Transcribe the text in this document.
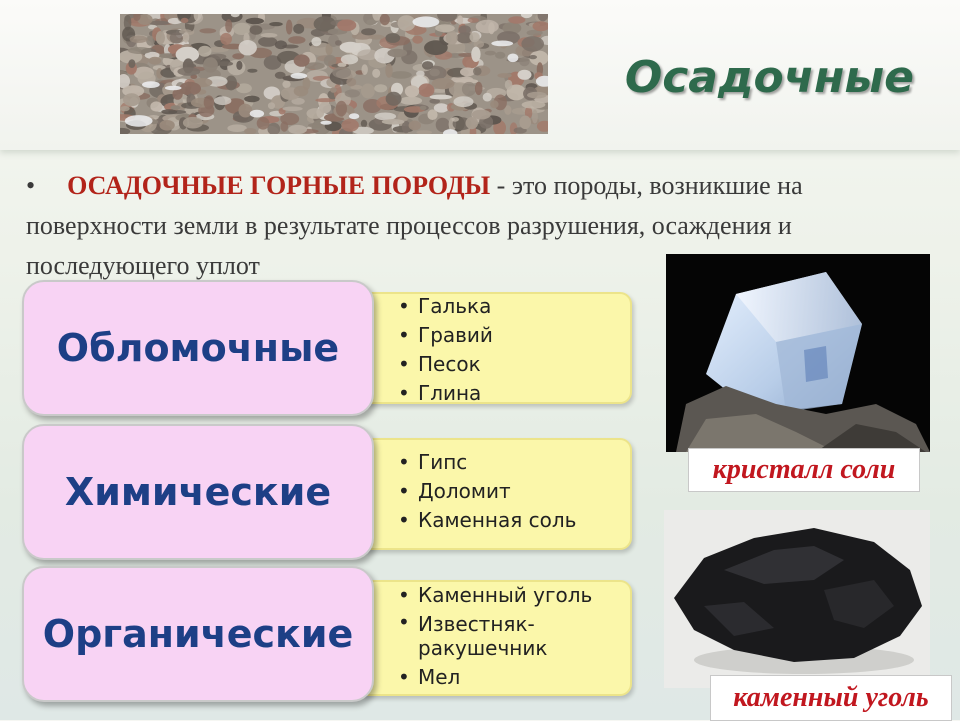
Осадочные
• ОСАДОЧНЫЕ ГОРНЫЕ ПОРОДЫ - это породы, возникшие на поверхности земли в результате процессов разрушения, осаждения и последующего уплот
• Галька
• Гравий
• Песок
• Глина
Обломочные
• Гипс
• Доломит
• Каменная соль
Химические
• Каменный уголь
• Известняк-ракушечник
• Мел
Органические
кристалл соли
каменный уголь
